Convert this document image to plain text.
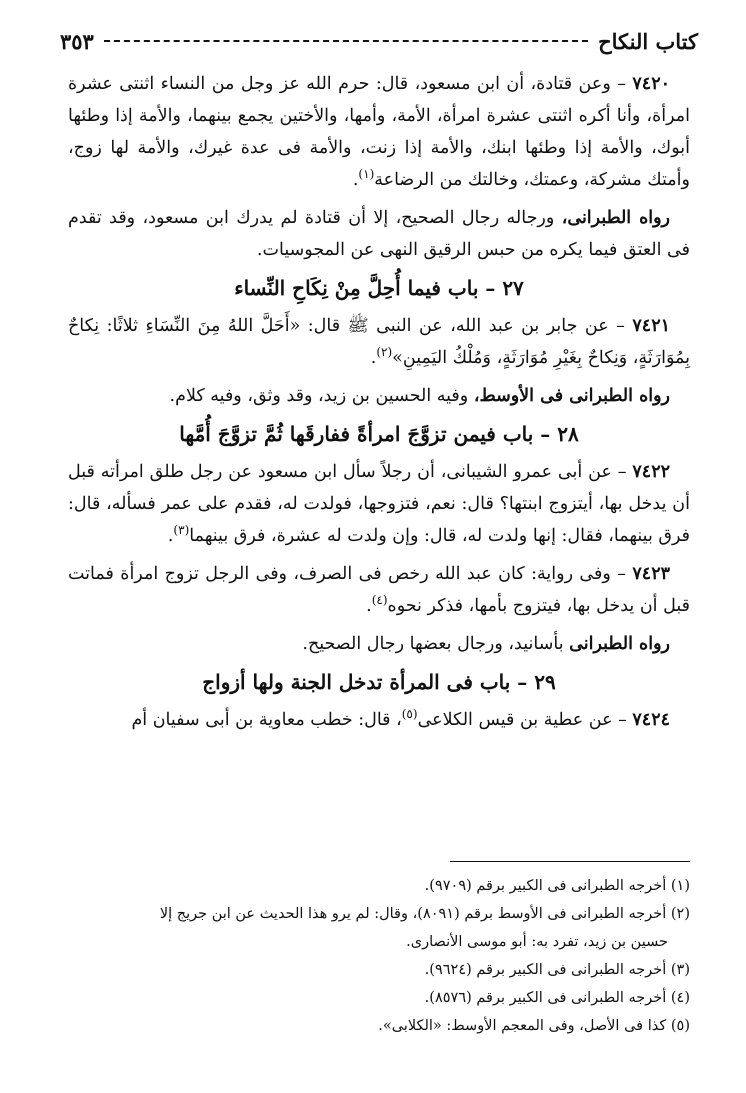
كتاب النكاح
٣٥٣

٧٤٢٠ – وعن قتادة، أن ابن مسعود، قال: حرم الله عز وجل من النساء اثنتى عشرة امرأة، وأنا أكره اثنتى عشرة امرأة، الأمة، وأمها، والأختين يجمع بينهما، والأمة إذا وطئها أبوك، والأمة إذا وطئها ابنك، والأمة إذا زنت، والأمة فى عدة غيرك، والأمة لها زوج، وأمتك مشركة، وعمتك، وخالتك من الرضاعة$^{(١)}$.

رواه الطبرانى، ورجاله رجال الصحيح، إلا أن قتادة لم يدرك ابن مسعود، وقد تقدم فى العتق فيما يكره من حبس الرقيق النهى عن المجوسيات.

٢٧ – باب فيما أُحِلَّ مِنْ نِكَاحِ النِّساء

٧٤٢١ – عن جابر بن عبد الله، عن النبى ﷺ قال: «أَحَلَّ اللهُ مِنَ النِّسَاءِ ثلاثًا: نِكاحٌ بِمُوَارَثَةٍ، وَنِكاحٌ بِغَيْرِ مُوَارَثَةٍ، وَمُلْكُ اليَمِينِ»$^{(٢)}$.

رواه الطبرانى فى الأوسط، وفيه الحسين بن زيد، وقد وثق، وفيه كلام.

٢٨ – باب فيمن تزوَّجَ امرأةً ففارقَها ثُمَّ تزوَّجَ أُمَّها

٧٤٢٢ – عن أبى عمرو الشيبانى، أن رجلاً سأل ابن مسعود عن رجل طلق امرأته قبل أن يدخل بها، أيتزوج ابنتها؟ قال: نعم، فتزوجها، فولدت له، فقدم على عمر فسأله، قال: فرق بينهما، فقال: إنها ولدت له، قال: وإن ولدت له عشرة، فرق بينهما$^{(٣)}$.

٧٤٢٣ – وفى رواية: كان عبد الله رخص فى الصرف، وفى الرجل تزوج امرأة فماتت قبل أن يدخل بها، فيتزوج بأمها، فذكر نحوه$^{(٤)}$.

رواه الطبرانى بأسانيد، ورجال بعضها رجال الصحيح.

٢٩ – باب فى المرأة تدخل الجنة ولها أزواج

٧٤٢٤ – عن عطية بن قيس الكلاعى$^{(٥)}$، قال: خطب معاوية بن أبى سفيان أم

(١) أخرجه الطبرانى فى الكبير برقم (٩٧٠٩).

(٢) أخرجه الطبرانى فى الأوسط برقم (٨٠٩١)، وقال: لم يرو هذا الحديث عن ابن جريج إلا

حسين بن زيد، تفرد به: أبو موسى الأنصارى.

(٣) أخرجه الطبرانى فى الكبير برقم (٩٦٢٤).

(٤) أخرجه الطبرانى فى الكبير برقم (٨٥٧٦).

(٥) كذا فى الأصل، وفى المعجم الأوسط: «الكلابى».
